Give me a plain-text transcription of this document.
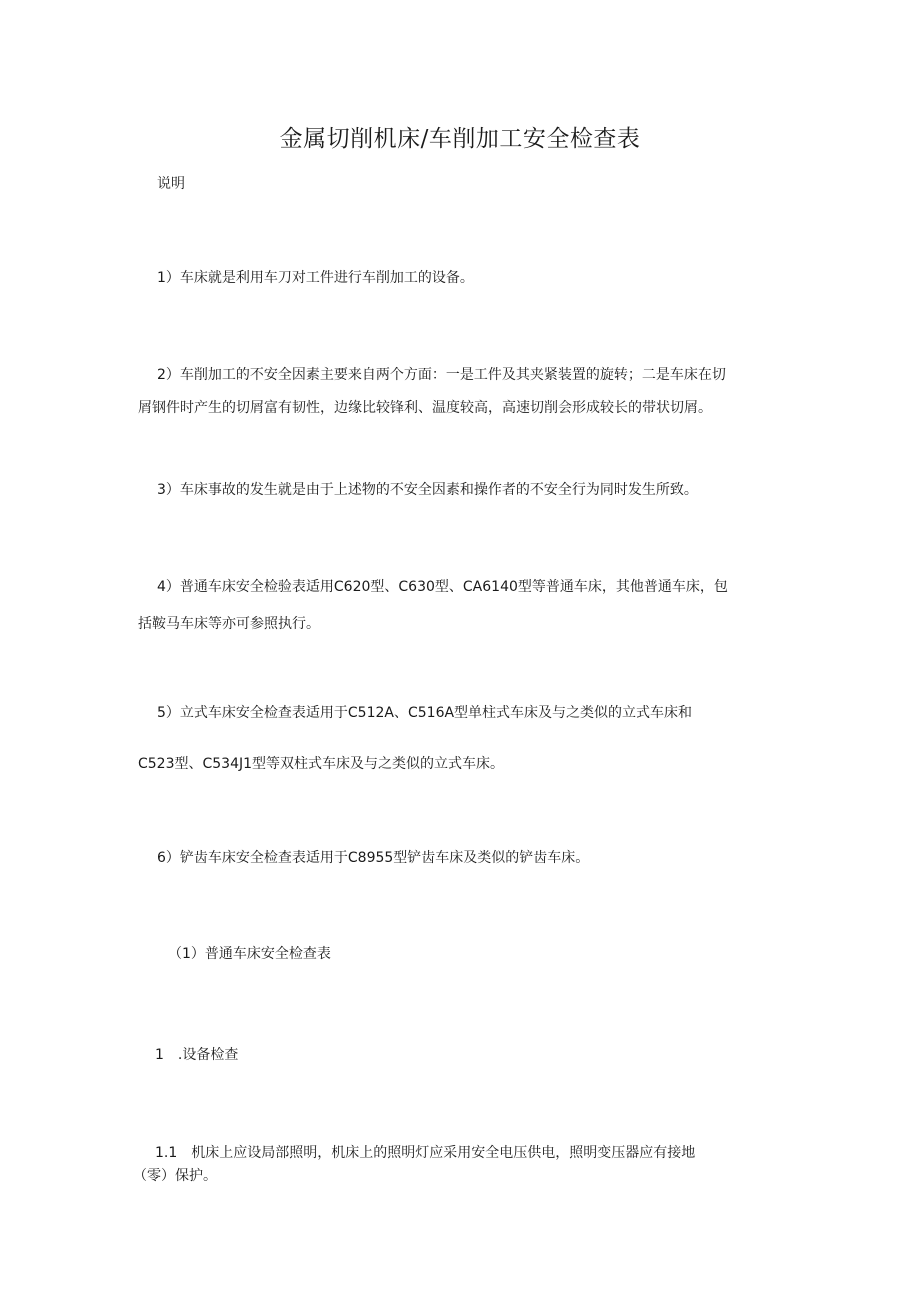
金属切削机床/车削加工安全检查表
说明
1）车床就是利用车刀对工件进行车削加工的设备。
2）车削加工的不安全因素主要来自两个方面：一是工件及其夹紧装置的旋转；二是车床在切
屑钢件时产生的切屑富有韧性，边缘比较锋利、温度较高，高速切削会形成较长的带状切屑。
3）车床事故的发生就是由于上述物的不安全因素和操作者的不安全行为同时发生所致。
4）普通车床安全检验表适用C620型、C630型、CA6140型等普通车床，其他普通车床，包
括鞍马车床等亦可参照执行。
5）立式车床安全检查表适用于C512A、C516A型单柱式车床及与之类似的立式车床和
C523型、C534J1型等双柱式车床及与之类似的立式车床。
6）铲齿车床安全检查表适用于C8955型铲齿车床及类似的铲齿车床。
（1）普通车床安全检查表
1　.设备检查
1.1　机床上应设局部照明，机床上的照明灯应采用安全电压供电，照明变压器应有接地
（零）保护。
